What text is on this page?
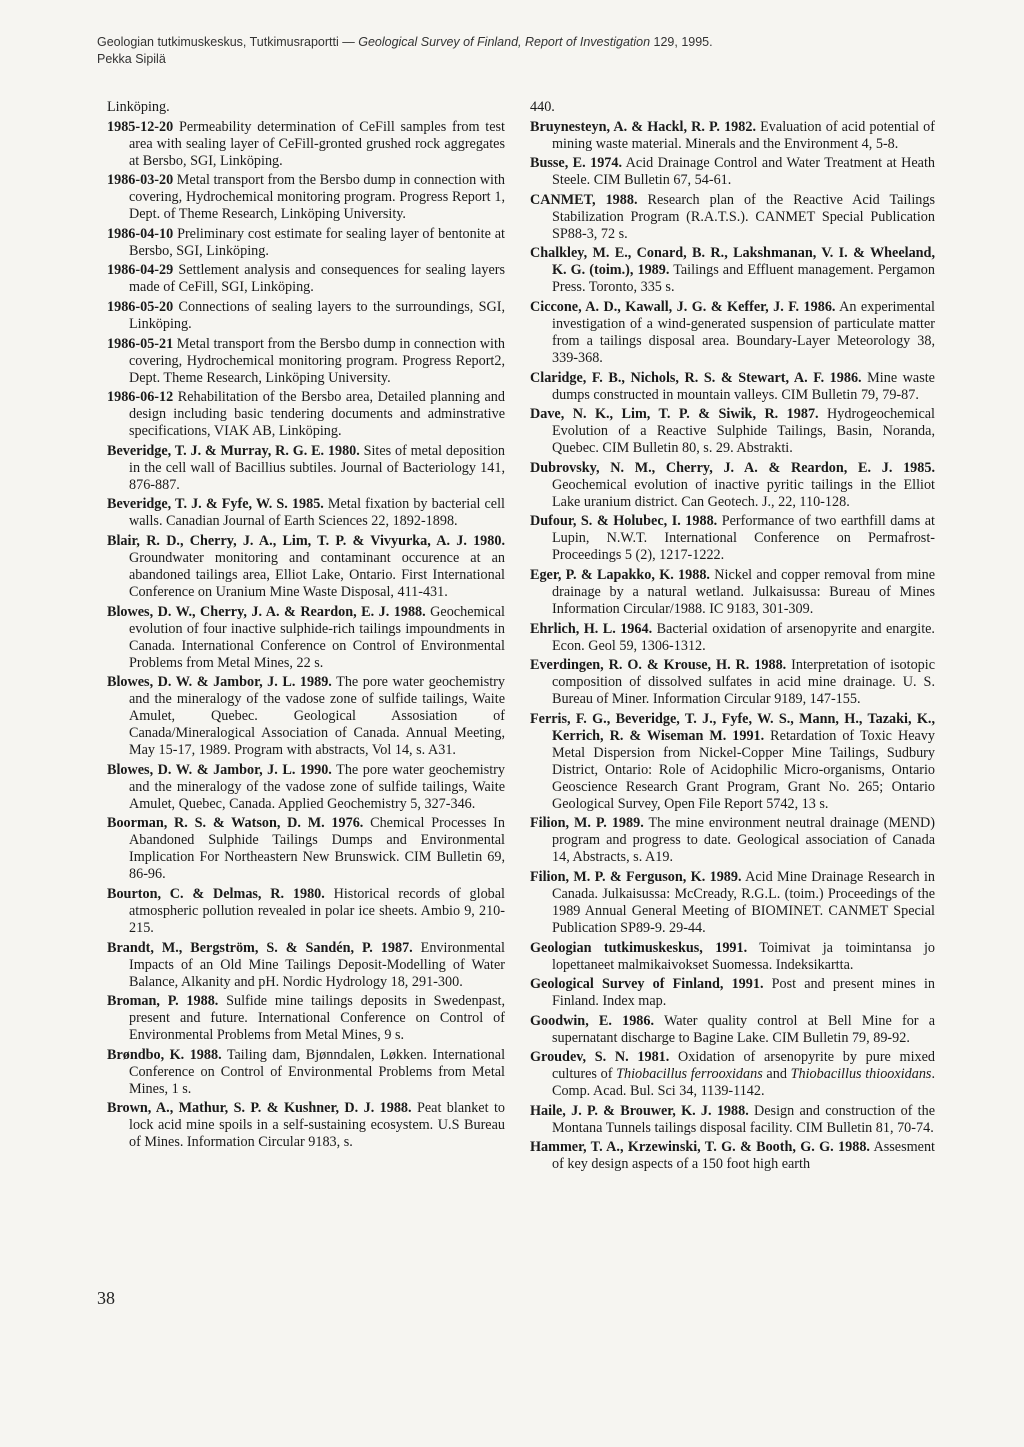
Geologian tutkimuskeskus, Tutkimusraportti — Geological Survey of Finland, Report of Investigation 129, 1995.
Pekka Sipilä

Linköping.

1985-12-20 Permeability determination of CeFill samples from test area with sealing layer of CeFill-gronted grushed rock aggregates at Bersbo, SGI, Linköping.

1986-03-20 Metal transport from the Bersbo dump in connection with covering, Hydrochemical monitoring program. Progress Report 1, Dept. of Theme Research, Linköping University.

1986-04-10 Preliminary cost estimate for sealing layer of bentonite at Bersbo, SGI, Linköping.

1986-04-29 Settlement analysis and consequences for sealing layers made of CeFill, SGI, Linköping.

1986-05-20 Connections of sealing layers to the surroundings, SGI, Linköping.

1986-05-21 Metal transport from the Bersbo dump in connection with covering, Hydrochemical monitoring program. Progress Report2, Dept. Theme Research, Linköping University.

1986-06-12 Rehabilitation of the Bersbo area, Detailed planning and design including basic tendering documents and adminstrative specifications, VIAK AB, Linköping.

Beveridge, T. J. & Murray, R. G. E. 1980. Sites of metal deposition in the cell wall of Bacillius subtiles. Journal of Bacteriology 141, 876-887.

Beveridge, T. J. & Fyfe, W. S. 1985. Metal fixation by bacterial cell walls. Canadian Journal of Earth Sciences 22, 1892-1898.

Blair, R. D., Cherry, J. A., Lim, T. P. & Vivyurka, A. J. 1980. Groundwater monitoring and contaminant occurence at an abandoned tailings area, Elliot Lake, Ontario. First International Conference on Uranium Mine Waste Disposal, 411-431.

Blowes, D. W., Cherry, J. A. & Reardon, E. J. 1988. Geochemical evolution of four inactive sulphide-rich tailings impoundments in Canada. International Conference on Control of Environmental Problems from Metal Mines, 22 s.

Blowes, D. W. & Jambor, J. L. 1989. The pore water geochemistry and the mineralogy of the vadose zone of sulfide tailings, Waite Amulet, Quebec. Geological Assosiation of Canada/Mineralogical Association of Canada. Annual Meeting, May 15-17, 1989. Program with abstracts, Vol 14, s. A31.

Blowes, D. W. & Jambor, J. L. 1990. The pore water geochemistry and the mineralogy of the vadose zone of sulfide tailings, Waite Amulet, Quebec, Canada. Applied Geochemistry 5, 327-346.

Boorman, R. S. & Watson, D. M. 1976. Chemical Processes In Abandoned Sulphide Tailings Dumps and Environmental Implication For Northeastern New Brunswick. CIM Bulletin 69, 86-96.

Bourton, C. & Delmas, R. 1980. Historical records of global atmospheric pollution revealed in polar ice sheets. Ambio 9, 210-215.

Brandt, M., Bergström, S. & Sandén, P. 1987. Environmental Impacts of an Old Mine Tailings Deposit-Modelling of Water Balance, Alkanity and pH. Nordic Hydrology 18, 291-300.

Broman, P. 1988. Sulfide mine tailings deposits in Swedenpast, present and future. International Conference on Control of Environmental Problems from Metal Mines, 9 s.

Brøndbo, K. 1988. Tailing dam, Bjønndalen, Løkken. International Conference on Control of Environmental Problems from Metal Mines, 1 s.

Brown, A., Mathur, S. P. & Kushner, D. J. 1988. Peat blanket to lock acid mine spoils in a self-sustaining ecosystem. U.S Bureau of Mines. Information Circular 9183, s.

440.

Bruynesteyn, A. & Hackl, R. P. 1982. Evaluation of acid potential of mining waste material. Minerals and the Environment 4, 5-8.

Busse, E. 1974. Acid Drainage Control and Water Treatment at Heath Steele. CIM Bulletin 67, 54-61.

CANMET, 1988. Research plan of the Reactive Acid Tailings Stabilization Program (R.A.T.S.). CANMET Special Publication SP88-3, 72 s.

Chalkley, M. E., Conard, B. R., Lakshmanan, V. I. & Wheeland, K. G. (toim.), 1989. Tailings and Effluent management. Pergamon Press. Toronto, 335 s.

Ciccone, A. D., Kawall, J. G. & Keffer, J. F. 1986. An experimental investigation of a wind-generated suspension of particulate matter from a tailings disposal area. Boundary-Layer Meteorology 38, 339-368.

Claridge, F. B., Nichols, R. S. & Stewart, A. F. 1986. Mine waste dumps constructed in mountain valleys. CIM Bulletin 79, 79-87.

Dave, N. K., Lim, T. P. & Siwik, R. 1987. Hydrogeochemical Evolution of a Reactive Sulphide Tailings, Basin, Noranda, Quebec. CIM Bulletin 80, s. 29. Abstrakti.

Dubrovsky, N. M., Cherry, J. A. & Reardon, E. J. 1985. Geochemical evolution of inactive pyritic tailings in the Elliot Lake uranium district. Can Geotech. J., 22, 110-128.

Dufour, S. & Holubec, I. 1988. Performance of two earthfill dams at Lupin, N.W.T. International Conference on Permafrost-Proceedings 5 (2), 1217-1222.

Eger, P. & Lapakko, K. 1988. Nickel and copper removal from mine drainage by a natural wetland. Julkaisussa: Bureau of Mines Information Circular/1988. IC 9183, 301-309.

Ehrlich, H. L. 1964. Bacterial oxidation of arsenopyrite and enargite. Econ. Geol 59, 1306-1312.

Everdingen, R. O. & Krouse, H. R. 1988. Interpretation of isotopic composition of dissolved sulfates in acid mine drainage. U. S. Bureau of Miner. Information Circular 9189, 147-155.

Ferris, F. G., Beveridge, T. J., Fyfe, W. S., Mann, H., Tazaki, K., Kerrich, R. & Wiseman M. 1991. Retardation of Toxic Heavy Metal Dispersion from Nickel-Copper Mine Tailings, Sudbury District, Ontario: Role of Acidophilic Micro-organisms, Ontario Geoscience Research Grant Program, Grant No. 265; Ontario Geological Survey, Open File Report 5742, 13 s.

Filion, M. P. 1989. The mine environment neutral drainage (MEND) program and progress to date. Geological association of Canada 14, Abstracts, s. A19.

Filion, M. P. & Ferguson, K. 1989. Acid Mine Drainage Research in Canada. Julkaisussa: McCready, R.G.L. (toim.) Proceedings of the 1989 Annual General Meeting of BIOMINET. CANMET Special Publication SP89-9. 29-44.

Geologian tutkimuskeskus, 1991. Toimivat ja toimintansa jo lopettaneet malmikaivokset Suomessa. Indeksikartta.

Geological Survey of Finland, 1991. Post and present mines in Finland. Index map.

Goodwin, E. 1986. Water quality control at Bell Mine for a supernatant discharge to Bagine Lake. CIM Bulletin 79, 89-92.

Groudev, S. N. 1981. Oxidation of arsenopyrite by pure mixed cultures of Thiobacillus ferrooxidans and Thiobacillus thiooxidans. Comp. Acad. Bul. Sci 34, 1139-1142.

Haile, J. P. & Brouwer, K. J. 1988. Design and construction of the Montana Tunnels tailings disposal facility. CIM Bulletin 81, 70-74.

Hammer, T. A., Krzewinski, T. G. & Booth, G. G. 1988. Assesment of key design aspects of a 150 foot high earth

38
